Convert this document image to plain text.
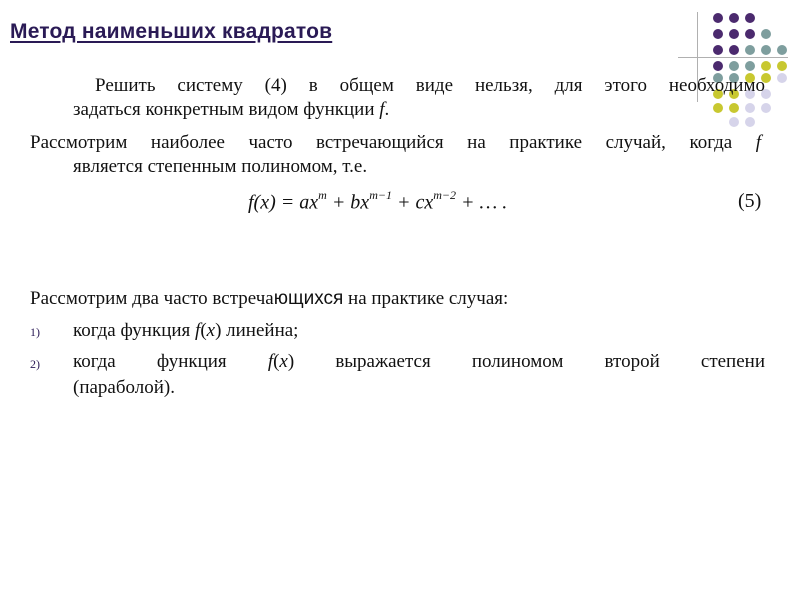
Метод наименьших квадратов
Решить систему (4) в общем виде нельзя, для этого необходимо
задаться конкретным видом функции f.
Рассмотрим наиболее часто встречающийся на практике случай, когда f
является степенным полиномом, т.е.
$f(x) = ax^m + bx^{m-1} + cx^{m-2}$ + … .	(5)
Рассмотрим два часто встречающихся на практике случая:
1) когда функция f(x) линейна;
2) когда функция f(x) выражается полиномом второй степени
(параболой).
